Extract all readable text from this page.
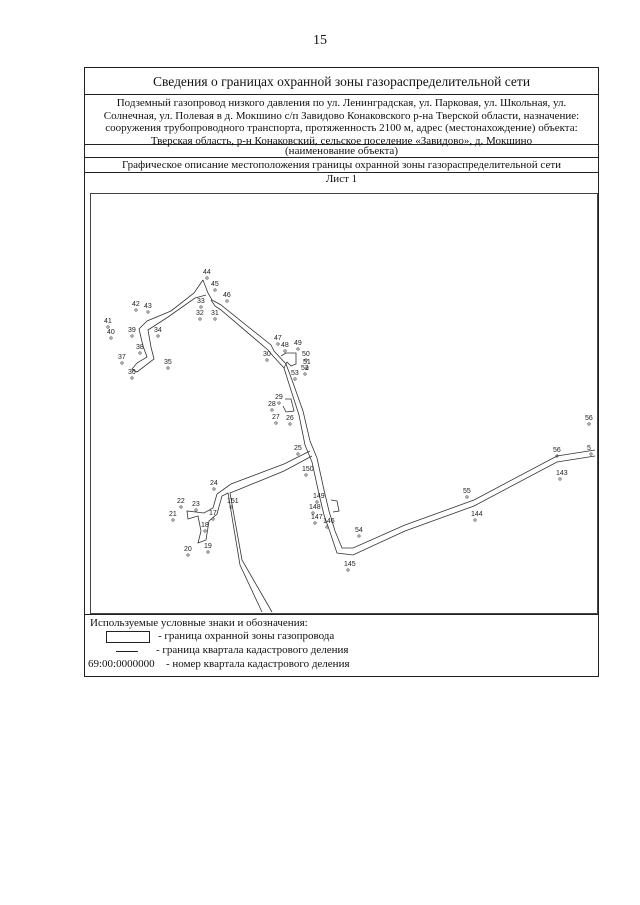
15
Сведения о границах охранной зоны газораспределительной сети
Подземный газопровод низкого давления по ул. Ленинградская, ул. Парковая, ул. Школьная, ул. Солнечная, ул. Полевая в д. Мокшино с/п Завидово Конаковского р-на Тверской области, назначение: сооружения трубопроводного транспорта, протяженность 2100 м, адрес (местонахождение) объекта: Тверская область, р-н Конаковский, сельское поселение «Завидово», д. Мокшино
(наименование объекта)
Графическое описание местоположения границы охранной зоны газораспределительной сети
Лист 1
44
45
46
33
31
32
42 43
41
40 39	34
38
37
35
36
47
48 49
30	50
51
53
52
29
28
26
27
25
150
24
22 23	151
21	17
18
20 19
149
148
147
146
54
145
55
144
56
143
56
5
Используемые условные знаки и обозначения:
- граница охранной зоны газопровода
- граница квартала кадастрового деления
69:00:0000000 - номер квартала кадастрового деления
